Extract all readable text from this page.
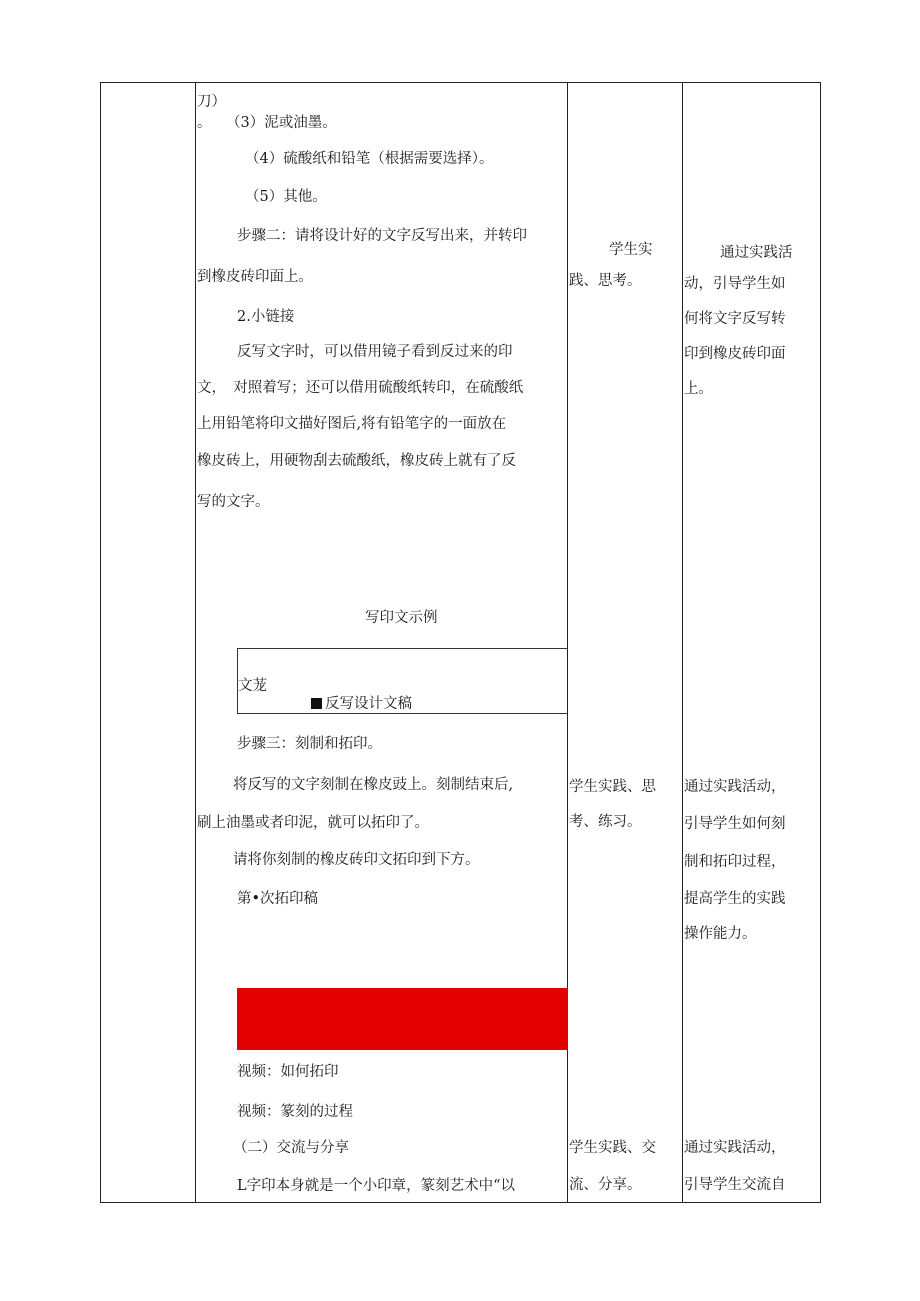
刀）
。　　（3）泥或油墨。
（4）硫酸纸和铅笔（根据需要选择）。
（5）其他。
步骤二：请将设计好的文字反写出来，并转印
到橡皮砖印面上。
2.小链接
反写文字时，可以借用镜子看到反过来的印
文，　对照着写；还可以借用硫酸纸转印，在硫酸纸
上用铅笔将印文描好图后,将有铅笔字的一面放在
橡皮砖上，用硬物刮去硫酸纸，橡皮砖上就有了反
写的文字。
写印文示例
文茏
反写设计文稿
步骤三：刻制和拓印。
将反写的文字刻制在橡皮豉上。刻制结束后,
刷上油墨或者印泥，就可以拓印了。
请将你刻制的橡皮砖印文拓印到下方。
第•次拓印稿
视频：如何拓印
视频：篆刻的过程
（二）交流与分享
L字印本身就是一个小印章，篆刻艺术中“以
学生实
践、思考。
学生实践、思
考、练习。
学生实践、交
流、分享。
通过实践活
动，引导学生如
何将文字反写转
印到橡皮砖印面
上。
通过实践活动，
引导学生如何刻
制和拓印过程，
提高学生的实践
操作能力。
通过实践活动，
引导学生交流自
